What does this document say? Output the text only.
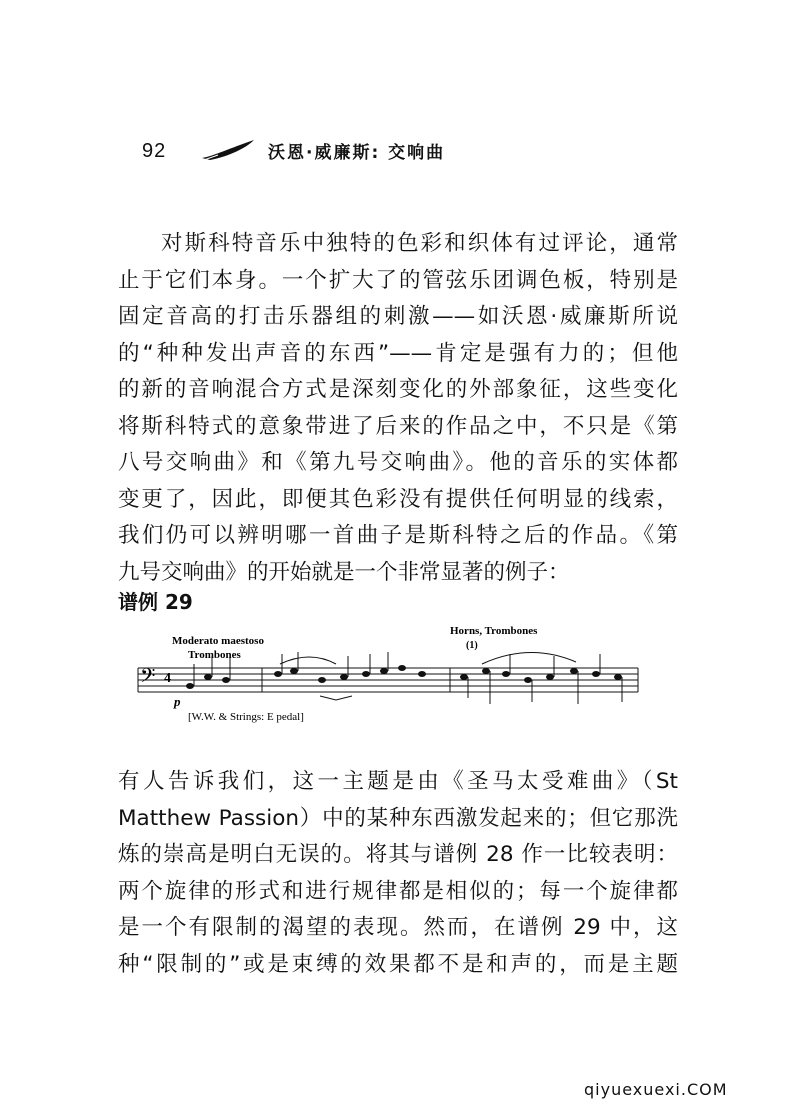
92	沃恩·威廉斯: 交响曲
对斯科特音乐中独特的色彩和织体有过评论，通常
止于它们本身。一个扩大了的管弦乐团调色板，特别是
固定音高的打击乐器组的刺激——如沃恩·威廉斯所说
的“种种发出声音的东西”——肯定是强有力的；但他
的新的音响混合方式是深刻变化的外部象征，这些变化
将斯科特式的意象带进了后来的作品之中，不只是《第
八号交响曲》和《第九号交响曲》。他的音乐的实体都
变更了，因此，即便其色彩没有提供任何明显的线索，
我们仍可以辨明哪一首曲子是斯科特之后的作品。《第
九号交响曲》的开始就是一个非常显著的例子：
谱例 29
Moderato maestoso
Trombones
Horns, Trombones
(1)
𝄢 4
p
[W.W. & Strings: E pedal]
有人告诉我们，这一主题是由《圣马太受难曲》（St
Matthew Passion）中的某种东西激发起来的；但它那洗
炼的崇高是明白无误的。将其与谱例 28 作一比较表明：
两个旋律的形式和进行规律都是相似的；每一个旋律都
是一个有限制的渴望的表现。然而，在谱例 29 中，这
种“限制的”或是束缚的效果都不是和声的，而是主题
qiyuexuexi.COM
